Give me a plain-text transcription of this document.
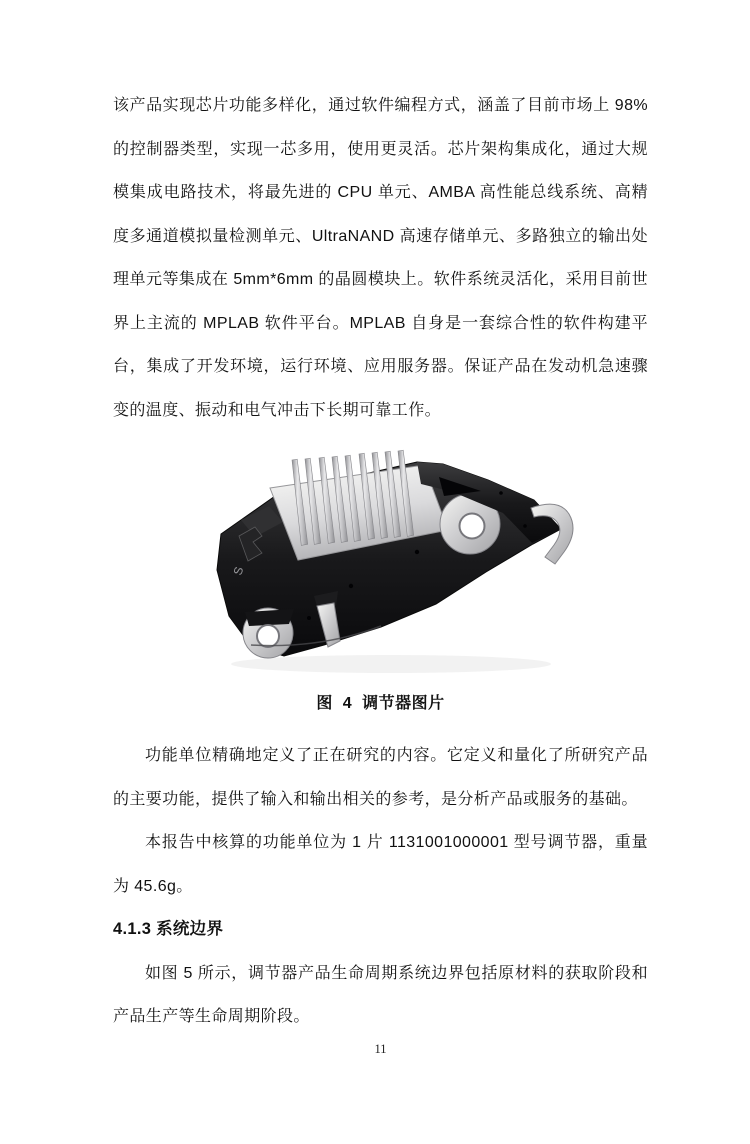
该产品实现芯片功能多样化，通过软件编程方式，涵盖了目前市场上 98%的控制器类型，实现一芯多用，使用更灵活。芯片架构集成化，通过大规模集成电路技术，将最先进的 CPU 单元、AMBA 高性能总线系统、高精度多通道模拟量检测单元、UltraNAND 高速存储单元、多路独立的输出处理单元等集成在 5mm*6mm 的晶圆模块上。软件系统灵活化，采用目前世界上主流的 MPLAB 软件平台。MPLAB 自身是一套综合性的软件构建平台，集成了开发环境，运行环境、应用服务器。保证产品在发动机急速骤变的温度、振动和电气冲击下长期可靠工作。

S

图 4 调节器图片

功能单位精确地定义了正在研究的内容。它定义和量化了所研究产品的主要功能，提供了输入和输出相关的参考，是分析产品或服务的基础。

本报告中核算的功能单位为 1 片 1131001000001 型号调节器，重量为 45.6g。

4.1.3 系统边界

如图 5 所示，调节器产品生命周期系统边界包括原材料的获取阶段和产品生产等生命周期阶段。

11
